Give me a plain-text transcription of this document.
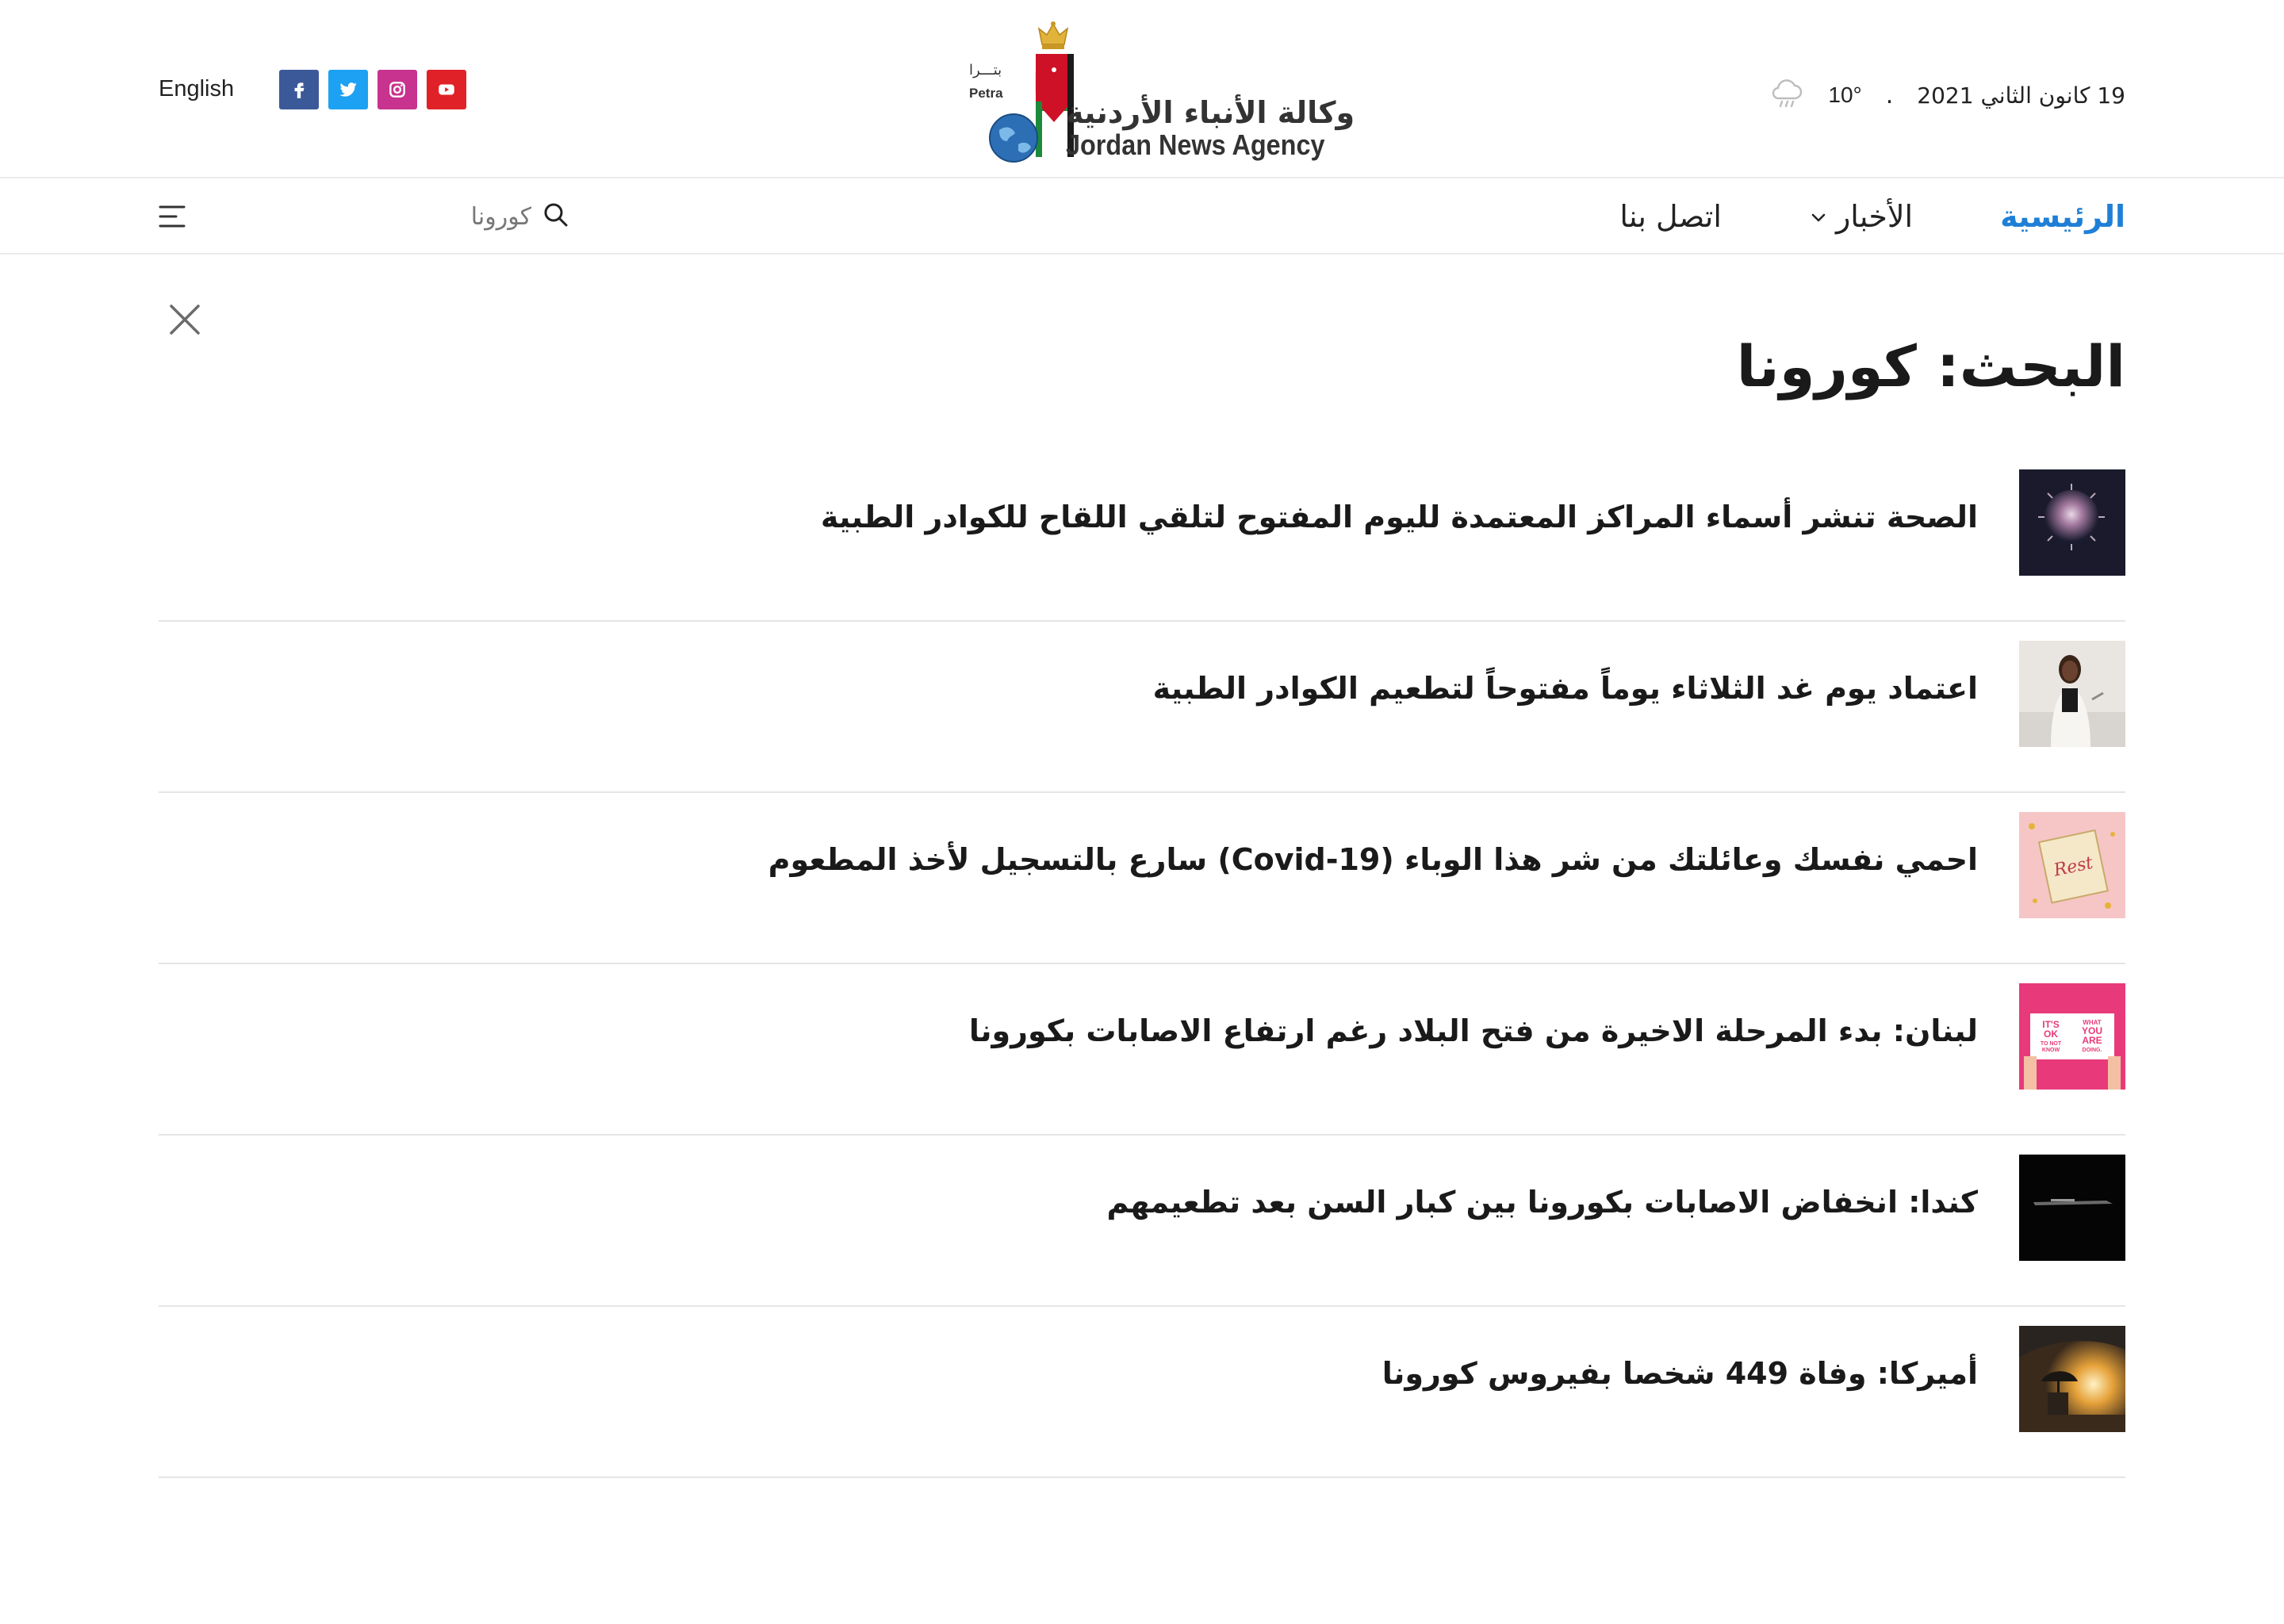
English
بتـــرا
Petra
وكالة الأنباء الأردنية
Jordan News Agency
10° . 19 كانون الثاني 2021
الرئيسية
الأخبار
اتصل بنا
كورونا
البحث: كورونا
الصحة تنشر أسماء المراكز المعتمدة لليوم المفتوح لتلقي اللقاح للكوادر الطبية
اعتماد يوم غد الثلاثاء يوماً مفتوحاً لتطعيم الكوادر الطبية
Rest
احمي نفسك وعائلتك من شر هذا الوباء (Covid-19) سارع بالتسجيل لأخذ المطعوم
IT'S
OK
TO NOT
KNOW
WHAT
YOU
ARE
DOING.
لبنان: بدء المرحلة الاخيرة من فتح البلاد رغم ارتفاع الاصابات بكورونا
كندا: انخفاض الاصابات بكورونا بين كبار السن بعد تطعيمهم
أميركا: وفاة 449 شخصا بفيروس كورونا
